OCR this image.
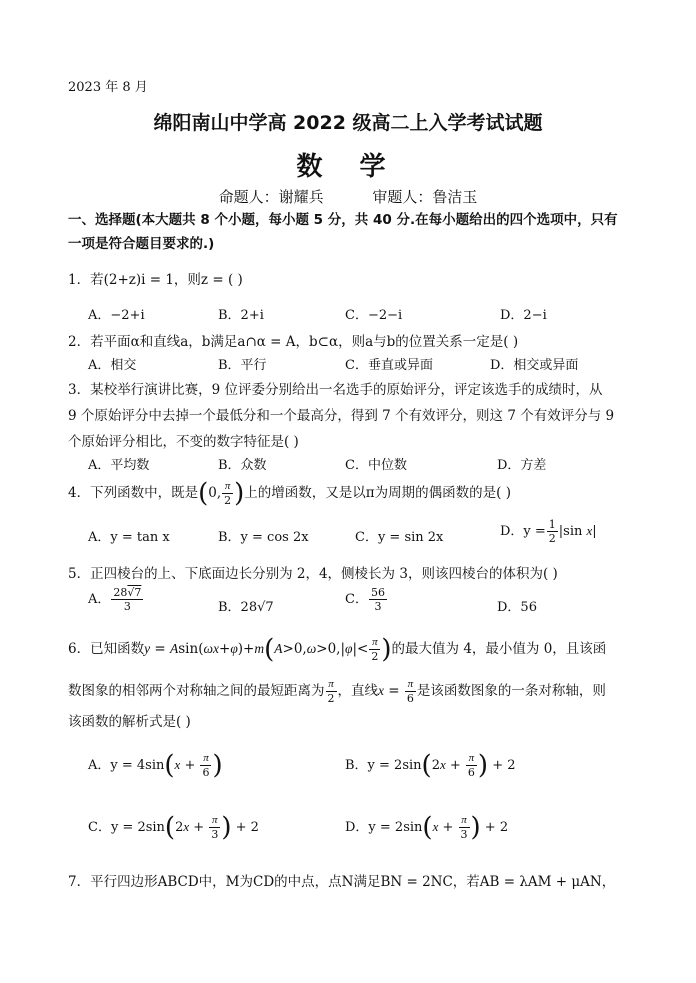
2023 年 8 月
绵阳南山中学高 2022 级高二上入学考试试题
数 学
命题人：谢耀兵	审题人：鲁洁玉
一、选择题(本大题共 8 个小题，每小题 5 分，共 40 分.在每小题给出的四个选项中，只有一项是符合题目要求的.)
1．若(2+z)i = 1，则z = ( )
A．−2+i	B．2+i	C．−2−i	D．2−i
2．若平面α和直线a，b满足a∩α = A，b⊂α，则a与b的位置关系一定是( )
A．相交	B．平行	C．垂直或异面	D．相交或异面
3．某校举行演讲比赛，9 位评委分别给出一名选手的原始评分，评定该选手的成绩时，从
9 个原始评分中去掉一个最低分和一个最高分，得到 7 个有效评分，则这 7 个有效评分与 9
个原始评分相比，不变的数字特征是( )
A．平均数	B．众数	C．中位数	D．方差
4．下列函数中，既是(0, $\frac{\pi}{2}$ )上的增函数，又是以π为周期的偶函数的是( )
A．y = tan x	B．y = cos 2x	C．y = sin 2x	D．$y = \frac{1}{2} |\sin$ x|
5．正四棱台的上、下底面边长分别为 2，4，侧棱长为 3，则该四棱台的体积为( )
A． $\frac{28√7}{3}$	B．28√7
C． $\frac{56}{3}$	D．56
6．已知函数$y = Asin(\omega x+\varphi)+m(A>0,\omega>0,|\varphi|< \frac{\pi}{2}$ )的最大值为 4，最小值为 0，且该函
数图象的相邻两个对称轴之间的最短距离为 $\frac{\pi}{2}$ ，直线$x = \frac{\pi}{6}$ 是该函数图象的一条对称轴，则
该函数的解析式是( )
A．$y = 4\sin(x + \frac{\pi}{6}$ )	B．$y = 2\sin(2x + \frac{\pi}{6}$ ) + 2
C．$y = 2\sin(2x + \frac{\pi}{3}$ ) + 2	D．$y = 2\sin(x + \frac{\pi}{3}$ ) + 2
7．平行四边形ABCD中，M为CD的中点，点N满足BN = 2NC，若AB = λAM + μAN，
